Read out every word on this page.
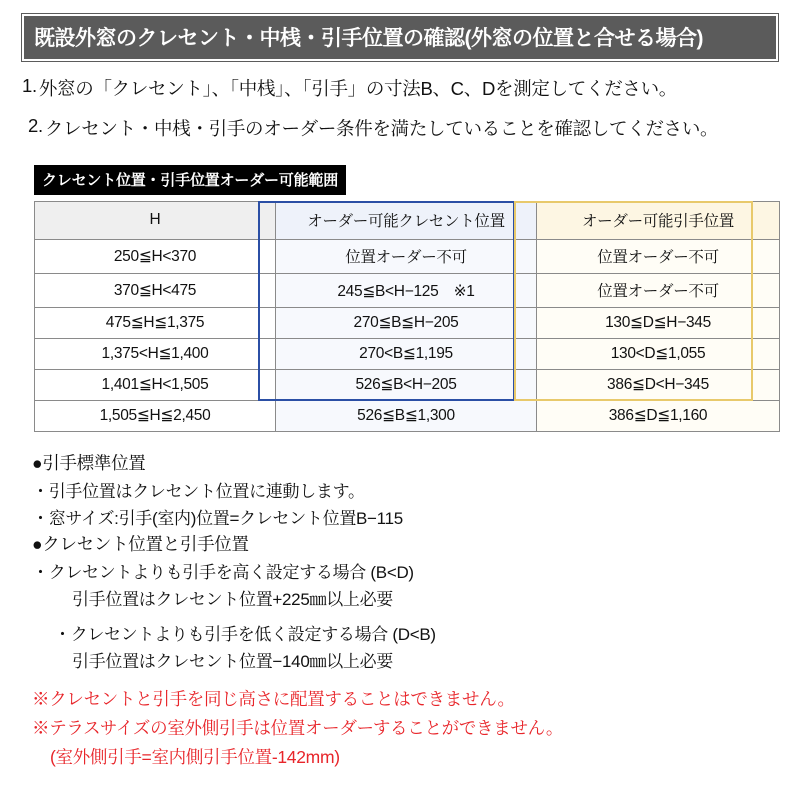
既設外窓のクレセント・中桟・引手位置の確認(外窓の位置と合せる場合)
1. 外窓の「クレセント」、「中桟」、「引手」の寸法B、C、Dを測定してください。
2. クレセント・中桟・引手のオーダー条件を満たしていることを確認してください。
クレセント位置・引手位置オーダー可能範囲
H	オーダー可能クレセント位置	オーダー可能引手位置
250≦H<370	位置オーダー不可	位置オーダー不可
370≦H<475	245≦B<H−125　※1	位置オーダー不可
475≦H≦1,375	270≦B≦H−205	130≦D≦H−345
1,375<H≦1,400	270<B≦1,195	130<D≦1,055
1,401≦H<1,505	526≦B<H−205	386≦D<H−345
1,505≦H≦2,450	526≦B≦1,300	386≦D≦1,160
●引手標準位置
・引手位置はクレセント位置に連動します。
・窓サイズ:引手(室内)位置=クレセント位置B−115
●クレセント位置と引手位置
・クレセントよりも引手を高く設定する場合 (B<D)
引手位置はクレセント位置+225㎜以上必要
・クレセントよりも引手を低く設定する場合 (D<B)
引手位置はクレセント位置−140㎜以上必要
※クレセントと引手を同じ高さに配置することはできません。
※テラスサイズの室外側引手は位置オーダーすることができません。
(室外側引手=室内側引手位置-142mm)
